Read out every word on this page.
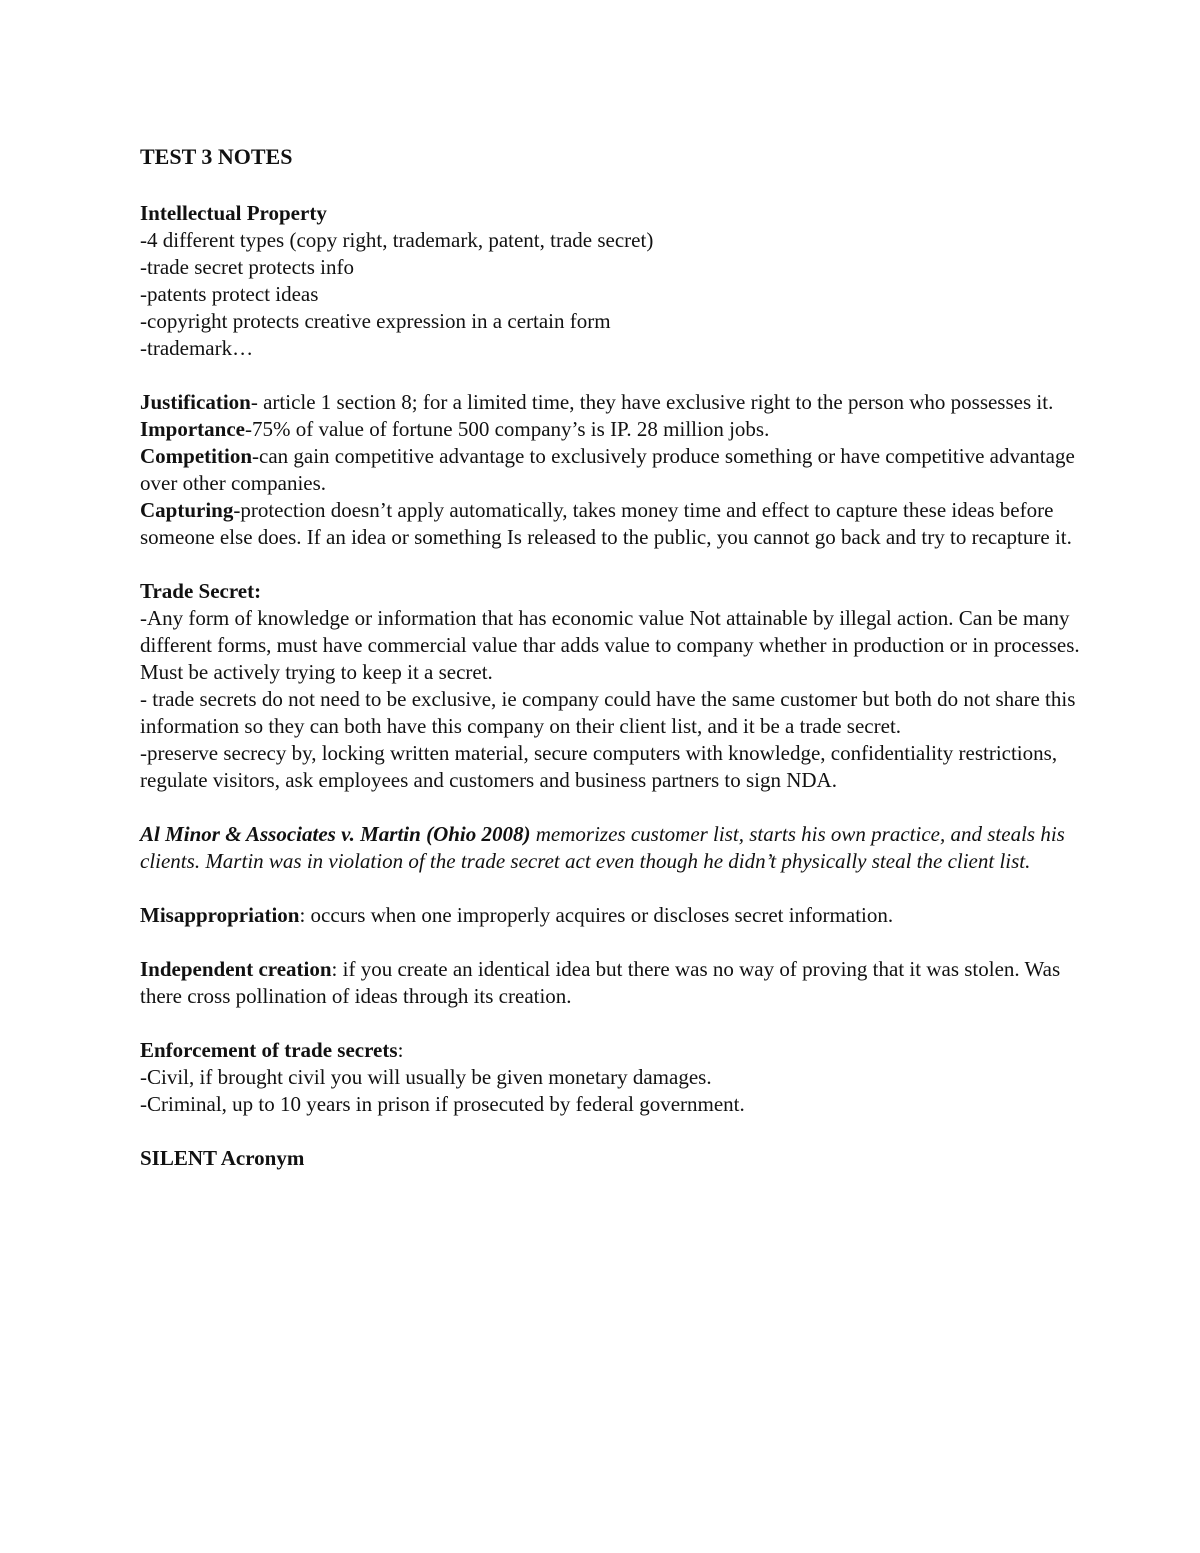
TEST 3 NOTES
Intellectual Property
-4 different types (copy right, trademark, patent, trade secret)
-trade secret protects info
-patents protect ideas
-copyright protects creative expression in a certain form
-trademark…
Justification- article 1 section 8; for a limited time, they have exclusive right to the person who possesses it.
Importance-75% of value of fortune 500 company’s is IP. 28 million jobs.
Competition-can gain competitive advantage to exclusively produce something or have competitive advantage over other companies.
Capturing-protection doesn’t apply automatically, takes money time and effect to capture these ideas before someone else does. If an idea or something Is released to the public, you cannot go back and try to recapture it.
Trade Secret:
-Any form of knowledge or information that has economic value Not attainable by illegal action. Can be many different forms, must have commercial value thar adds value to company whether in production or in processes. Must be actively trying to keep it a secret.
- trade secrets do not need to be exclusive, ie company could have the same customer but both do not share this information so they can both have this company on their client list, and it be a trade secret.
-preserve secrecy by, locking written material, secure computers with knowledge, confidentiality restrictions, regulate visitors, ask employees and customers and business partners to sign NDA.
Al Minor & Associates v. Martin (Ohio 2008) memorizes customer list, starts his own practice, and steals his clients. Martin was in violation of the trade secret act even though he didn’t physically steal the client list.
Misappropriation: occurs when one improperly acquires or discloses secret information.
Independent creation: if you create an identical idea but there was no way of proving that it was stolen. Was there cross pollination of ideas through its creation.
Enforcement of trade secrets:
-Civil, if brought civil you will usually be given monetary damages.
-Criminal, up to 10 years in prison if prosecuted by federal government.
SILENT Acronym
